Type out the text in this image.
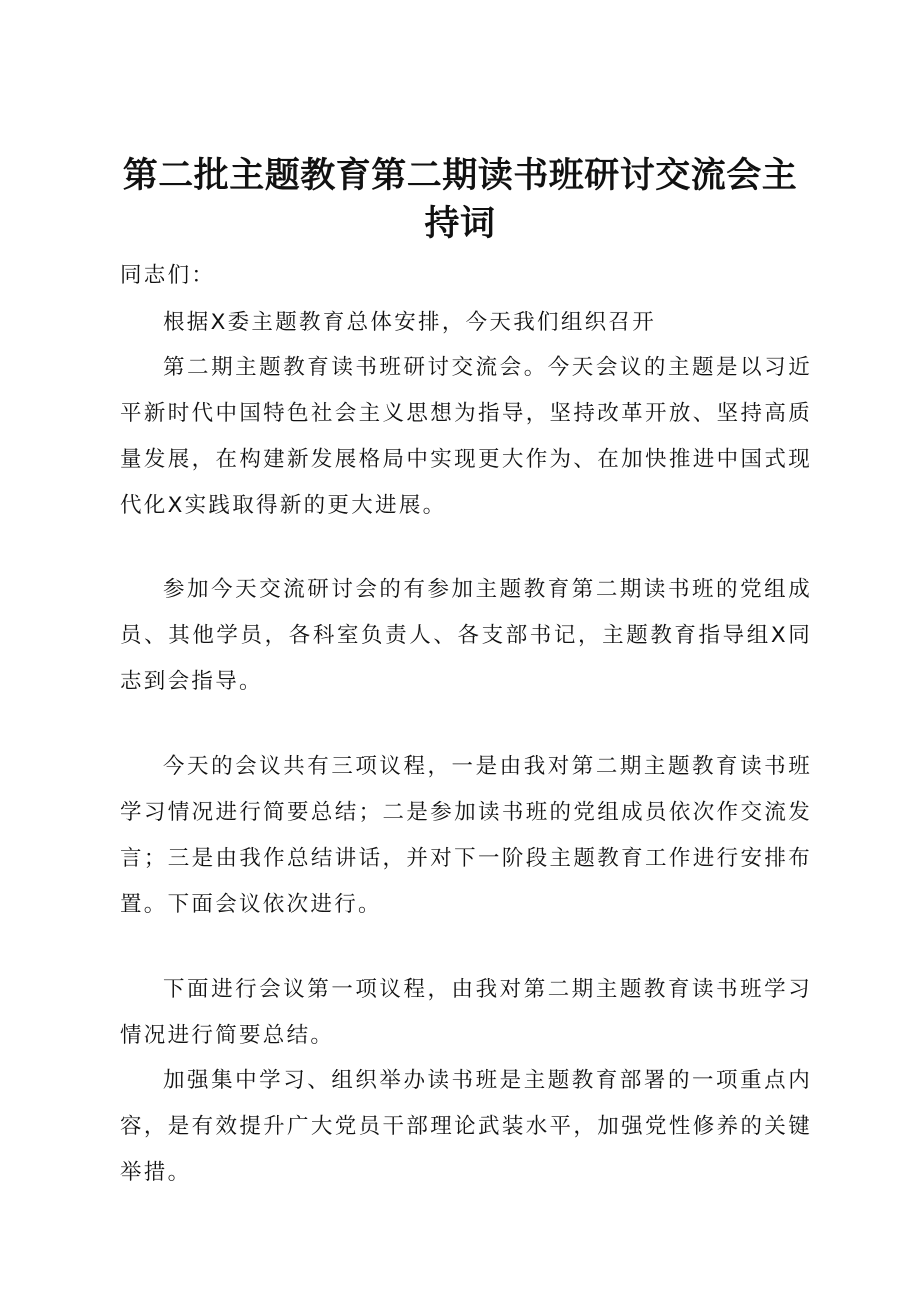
第二批主题教育第二期读书班研讨交流会主持词

同志们：

根据X委主题教育总体安排，今天我们组织召开

第二期主题教育读书班研讨交流会。今天会议的主题是以习近平新时代中国特色社会主义思想为指导，坚持改革开放、坚持高质量发展，在构建新发展格局中实现更大作为、在加快推进中国式现代化X实践取得新的更大进展。

参加今天交流研讨会的有参加主题教育第二期读书班的党组成员、其他学员，各科室负责人、各支部书记，主题教育指导组X同志到会指导。

今天的会议共有三项议程，一是由我对第二期主题教育读书班学习情况进行简要总结；二是参加读书班的党组成员依次作交流发言；三是由我作总结讲话，并对下一阶段主题教育工作进行安排布置。下面会议依次进行。

下面进行会议第一项议程，由我对第二期主题教育读书班学习情况进行简要总结。

加强集中学习、组织举办读书班是主题教育部署的一项重点内容，是有效提升广大党员干部理论武装水平，加强党性修养的关键举措。
